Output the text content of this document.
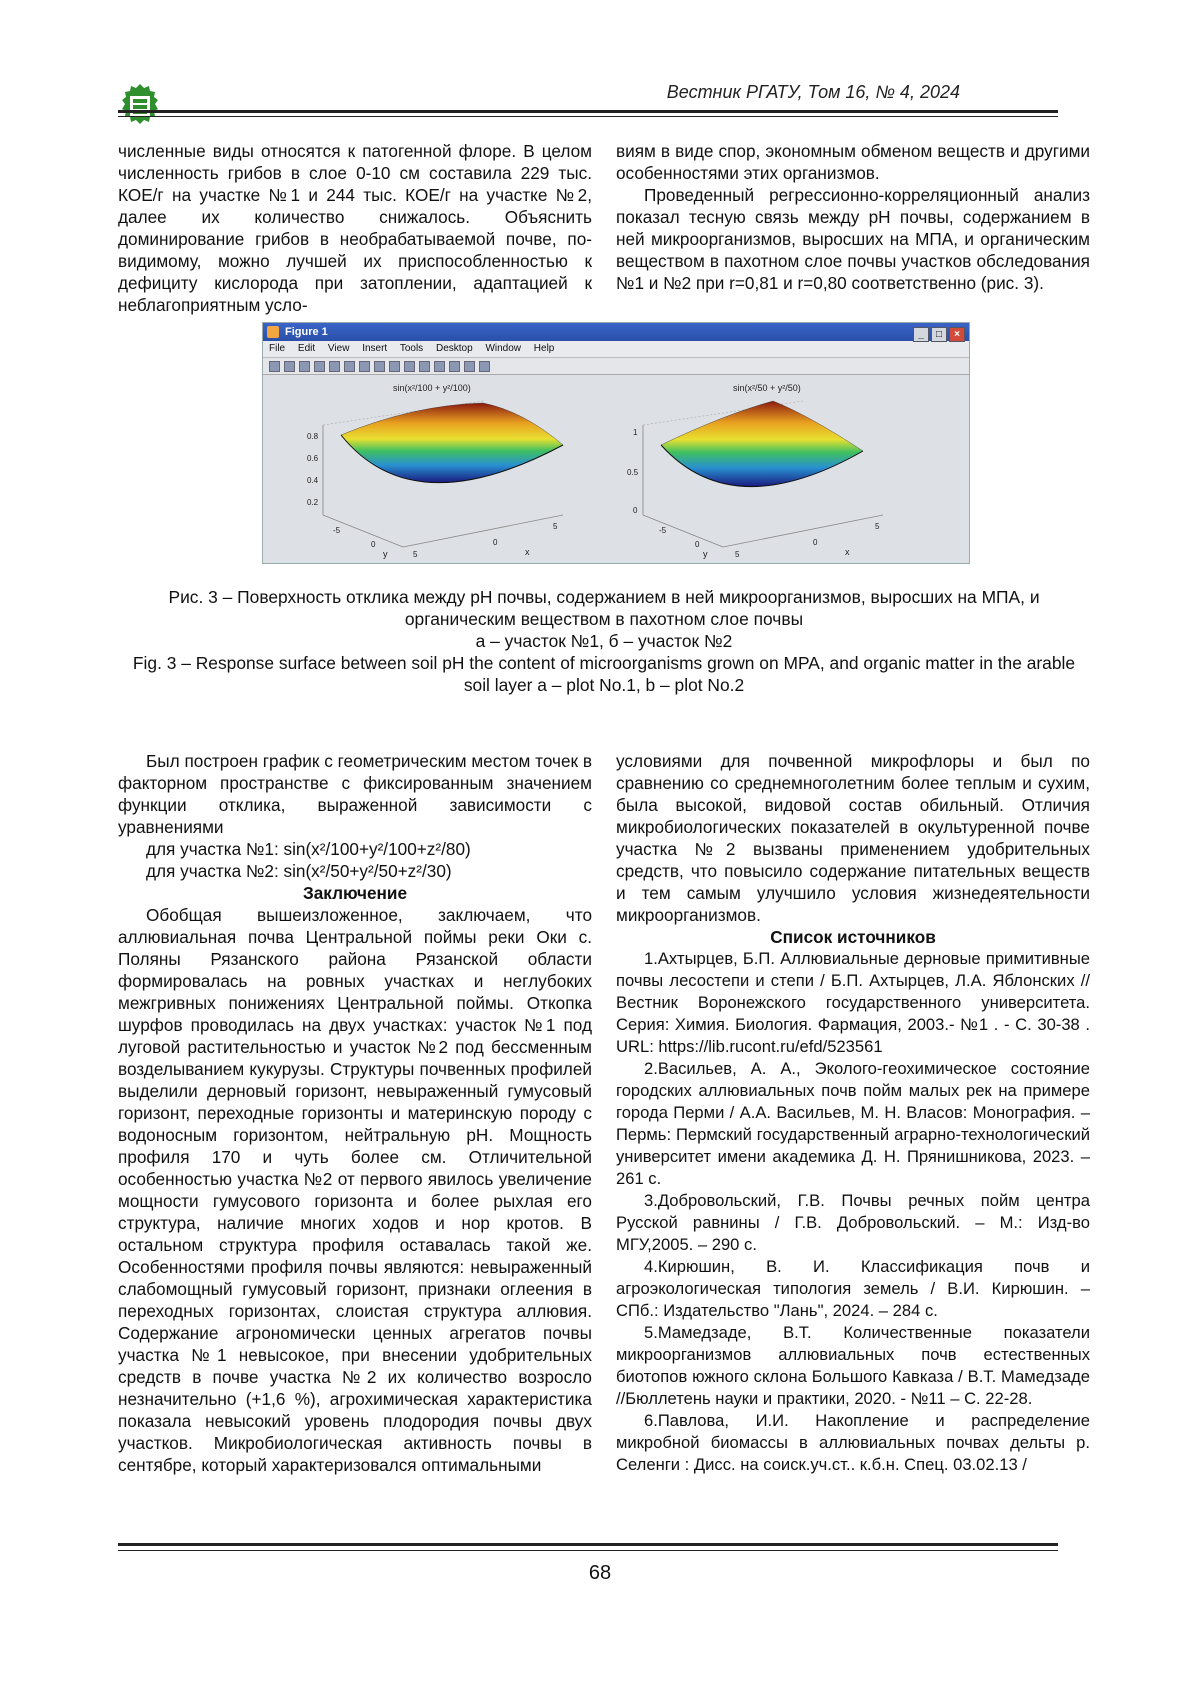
Вестник РГАТУ, Том 16, № 4, 2024

численные виды относятся к патогенной флоре. В целом численность грибов в слое 0-10 см составила 229 тыс. КОЕ/г на участке №1 и 244 тыс. КОЕ/г на участке №2, далее их количество снижалось. Объяснить доминирование грибов в необрабатываемой почве, по-видимому, можно лучшей их приспособленностью к дефициту кислорода при затоплении, адаптацией к неблагоприятным усло-

виям в виде спор, экономным обменом веществ и другими особенностями этих организмов.

Проведенный регрессионно-корреляционный анализ показал тесную связь между pH почвы, содержанием в ней микроорганизмов, выросших на МПА, и органическим веществом в пахотном слое почвы участков обследования №1 и №2 при r=0,81 и r=0,80 соответственно (рис. 3).

Figure 1	_ □ ×
File Edit View Insert Tools Desktop Window Help
sin(x²/100 + y²/100)
0.8
0.6
0.4
0.2
-5
0
5
0
5
y	x
sin(x²/50 + y²/50)
1
0.5
0
-5
0
5
0
5
y	x

Рис. 3 – Поверхность отклика между pH почвы, содержанием в ней микроорганизмов, выросших на МПА, и органическим веществом в пахотном слое почвы

а – участок №1, б – участок №2

Fig. 3 – Response surface between soil pH the content of microorganisms grown on MPA, and organic matter in the arable soil layer a – plot No.1, b – plot No.2

Был построен график с геометрическим местом точек в факторном пространстве с фиксированным значением функции отклика, выраженной зависимости с уравнениями

для участка №1: sin(x²/100+y²/100+z²/80)

для участка №2: sin(x²/50+y²/50+z²/30)

Заключение

Обобщая вышеизложенное, заключаем, что аллювиальная почва Центральной поймы реки Оки с. Поляны Рязанского района Рязанской области формировалась на ровных участках и неглубоких межгривных понижениях Центральной поймы. Откопка шурфов проводилась на двух участках: участок №1 под луговой растительностью и участок №2 под бессменным возделыванием кукурузы. Структуры почвенных профилей выделили дерновый горизонт, невыраженный гумусовый горизонт, переходные горизонты и материнскую породу с водоносным горизонтом, нейтральную pH. Мощность профиля 170 и чуть более см. Отличительной особенностью участка №2 от первого явилось увеличение мощности гумусового горизонта и более рыхлая его структура, наличие многих ходов и нор кротов. В остальном структура профиля оставалась такой же. Особенностями профиля почвы являются: невыраженный слабомощный гумусовый горизонт, признаки оглеения в переходных горизонтах, слоистая структура аллювия. Содержание агрономически ценных агрегатов почвы участка №1 невысокое, при внесении удобрительных средств в почве участка №2 их количество возросло незначительно (+1,6 %), агрохимическая характеристика показала невысокий уровень плодородия почвы двух участков. Микробиологическая активность почвы в сентябре, который характеризовался оптимальными

условиями для почвенной микрофлоры и был по сравнению со среднемноголетним более теплым и сухим, была высокой, видовой состав обильный. Отличия микробиологических показателей в окультуренной почве участка №2 вызваны применением удобрительных средств, что повысило содержание питательных веществ и тем самым улучшило условия жизнедеятельности микроорганизмов.

Список источников

1.Ахтырцев, Б.П. Аллювиальные дерновые примитивные почвы лесостепи и степи / Б.П. Ахтырцев, Л.А. Яблонских // Вестник Воронежского государственного университета. Серия: Химия. Биология. Фармация, 2003.- №1 . - С. 30-38 . URL: https://lib.rucont.ru/efd/523561

2.Васильев, А. А., Эколого-геохимическое состояние городских аллювиальных почв пойм малых рек на примере города Перми / А.А. Васильев, М. Н. Власов: Монография. – Пермь: Пермский государственный аграрно-технологический университет имени академика Д. Н. Прянишникова, 2023. – 261 с.

3.Добровольский, Г.В. Почвы речных пойм центра Русской равнины / Г.В. Добровольский. – М.: Изд-во МГУ,2005. – 290 с.

4.Кирюшин, В. И. Классификация почв и агроэкологическая типология земель / В.И. Кирюшин. – СПб.: Издательство "Лань", 2024. – 284 с.

5.Мамедзаде, В.Т. Количественные показатели микроорганизмов аллювиальных почв естественных биотопов южного склона Большого Кавказа / В.Т. Мамедзаде //Бюллетень науки и практики, 2020. - №11 – С. 22-28.

6.Павлова, И.И. Накопление и распределение микробной биомассы в аллювиальных почвах дельты р. Селенги : Дисс. на соиск.уч.ст.. к.б.н. Спец. 03.02.13 /

68
